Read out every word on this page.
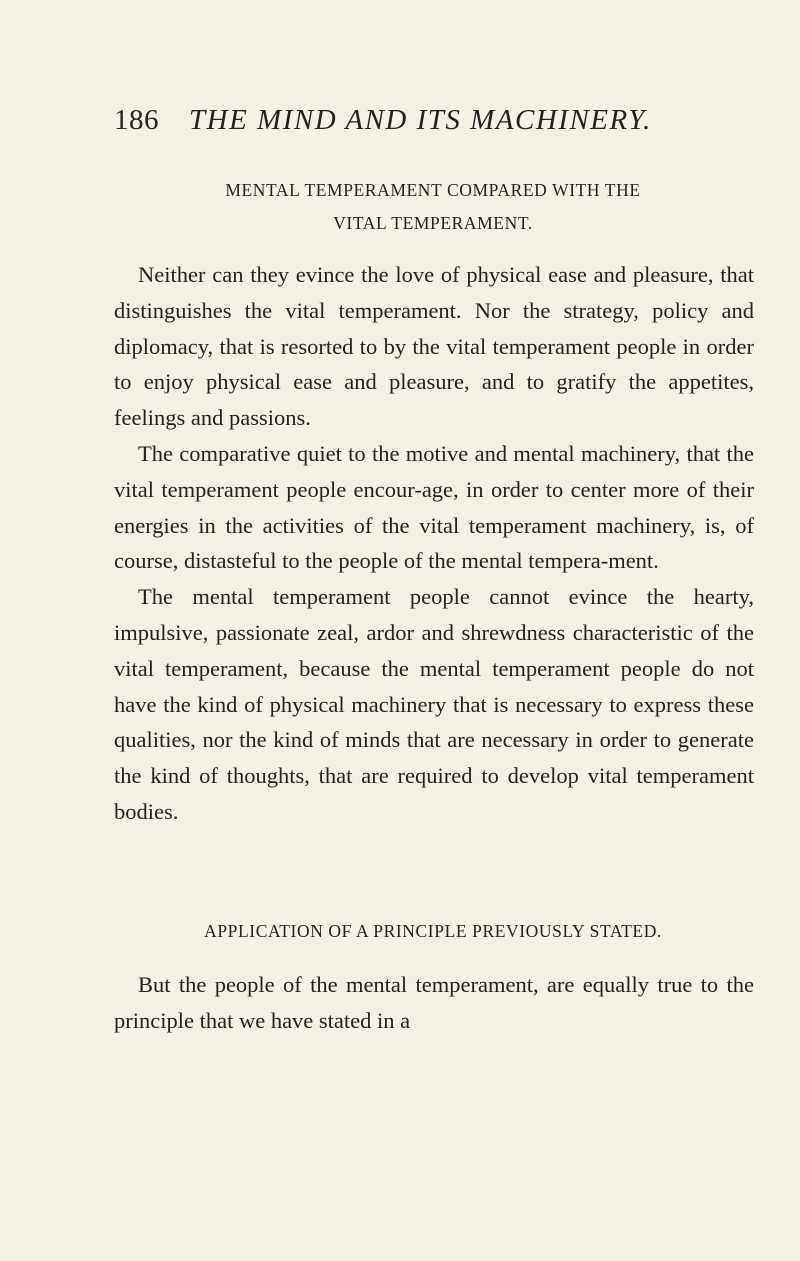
186 THE MIND AND ITS MACHINERY.
MENTAL TEMPERAMENT COMPARED WITH THE
VITAL TEMPERAMENT.

Neither can they evince the love of physical ease and pleasure, that distinguishes the vital temperament. Nor the strategy, policy and diplomacy, that is resorted to by the vital temperament people in order to enjoy physical ease and pleasure, and to gratify the appetites, feelings and passions.

The comparative quiet to the motive and mental machinery, that the vital temperament people encour-age, in order to center more of their energies in the activities of the vital temperament machinery, is, of course, distasteful to the people of the mental tempera-ment.

The mental temperament people cannot evince the hearty, impulsive, passionate zeal, ardor and shrewdness characteristic of the vital temperament, because the mental temperament people do not have the kind of physical machinery that is necessary to express these qualities, nor the kind of minds that are necessary in order to generate the kind of thoughts, that are required to develop vital temperament bodies.

APPLICATION OF A PRINCIPLE PREVIOUSLY STATED.

But the people of the mental temperament, are equally true to the principle that we have stated in a
